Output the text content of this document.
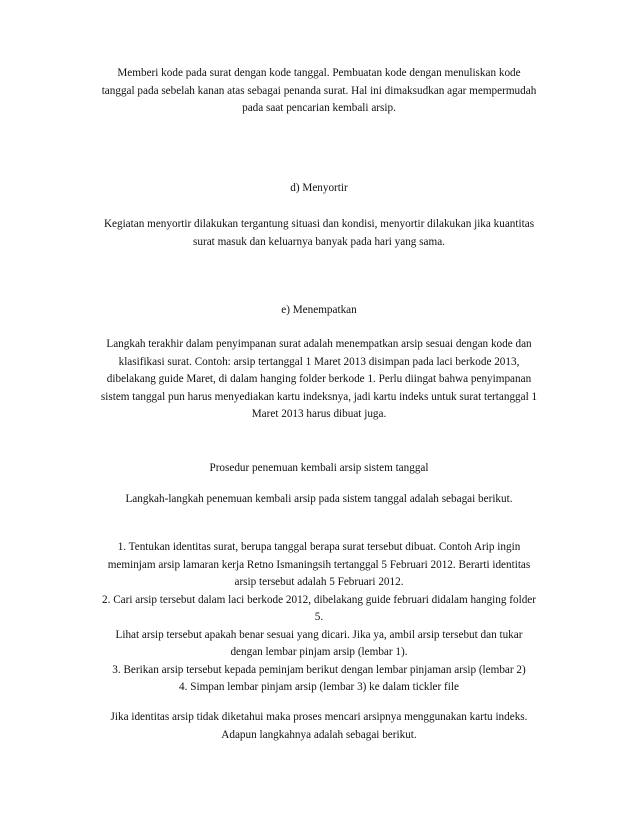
Memberi kode pada surat dengan kode tanggal. Pembuatan kode dengan menuliskan kode
tanggal pada sebelah kanan atas sebagai penanda surat. Hal ini dimaksudkan agar mempermudah
pada saat pencarian kembali arsip.
d) Menyortir
Kegiatan menyortir dilakukan tergantung situasi dan kondisi, menyortir dilakukan jika kuantitas
surat masuk dan keluarnya banyak pada hari yang sama.
e) Menempatkan
Langkah terakhir dalam penyimpanan surat adalah menempatkan arsip sesuai dengan kode dan
klasifikasi surat. Contoh: arsip tertanggal 1 Maret 2013 disimpan pada laci berkode 2013,
dibelakang guide Maret, di dalam hanging folder berkode 1. Perlu diingat bahwa penyimpanan
sistem tanggal pun harus menyediakan kartu indeksnya, jadi kartu indeks untuk surat tertanggal 1
Maret 2013 harus dibuat juga.
Prosedur penemuan kembali arsip sistem tanggal
Langkah-langkah penemuan kembali arsip pada sistem tanggal adalah sebagai berikut.
1. Tentukan identitas surat, berupa tanggal berapa surat tersebut dibuat. Contoh Arip ingin
meminjam arsip lamaran kerja Retno Ismaningsih tertanggal 5 Februari 2012. Berarti identitas
arsip tersebut adalah 5 Februari 2012.
2. Cari arsip tersebut dalam laci berkode 2012, dibelakang guide februari didalam hanging folder
5.
Lihat arsip tersebut apakah benar sesuai yang dicari. Jika ya, ambil arsip tersebut dan tukar
dengan lembar pinjam arsip (lembar 1).
3. Berikan arsip tersebut kepada peminjam berikut dengan lembar pinjaman arsip (lembar 2)
4. Simpan lembar pinjam arsip (lembar 3) ke dalam tickler file
Jika identitas arsip tidak diketahui maka proses mencari arsipnya menggunakan kartu indeks.
Adapun langkahnya adalah sebagai berikut.
